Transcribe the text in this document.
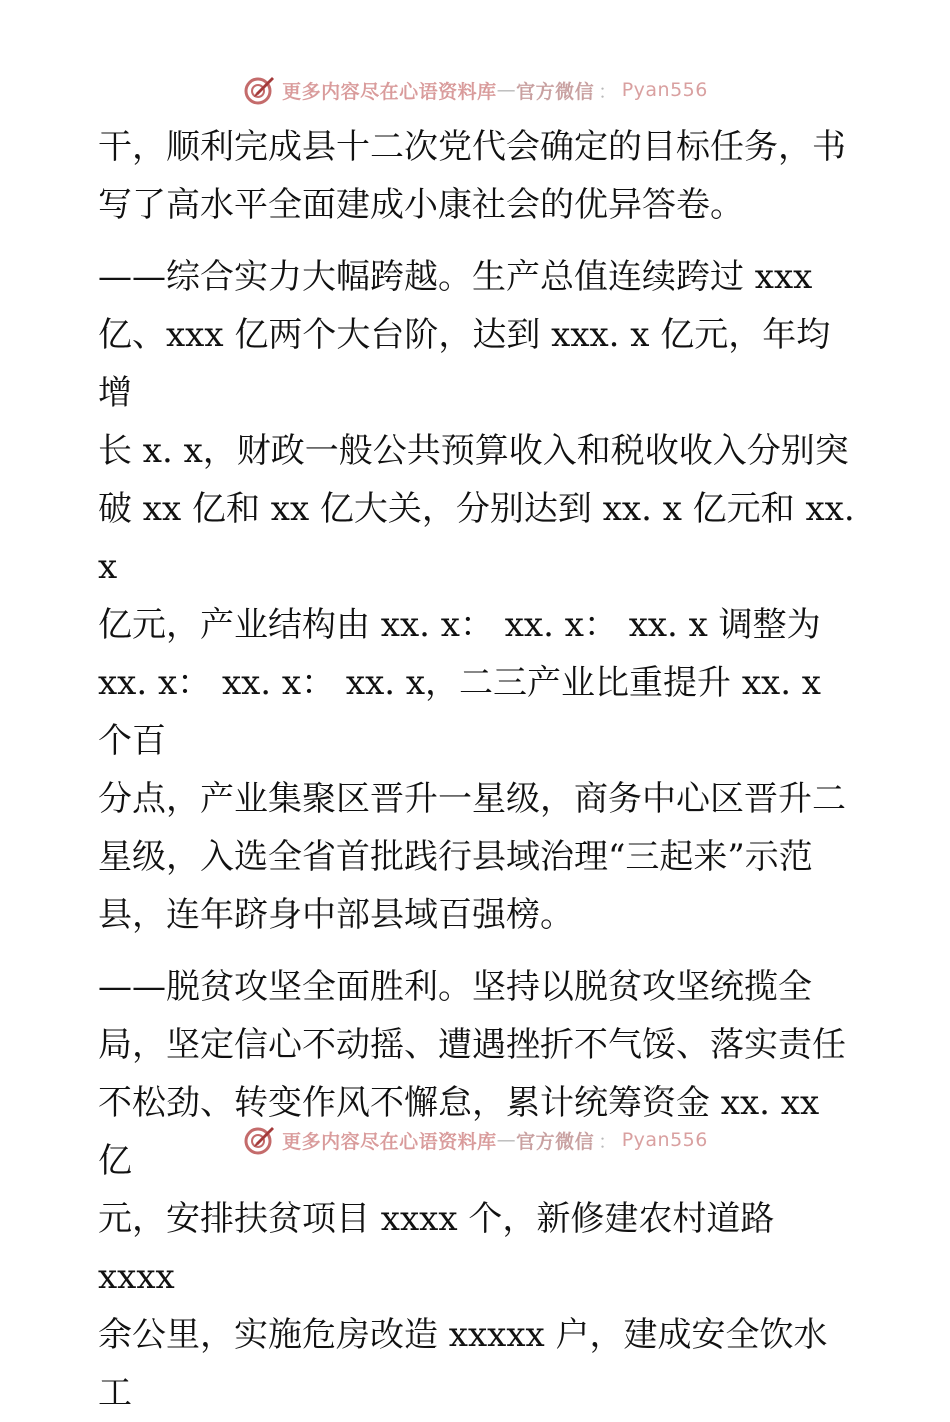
更多内容尽在心语资料库 — 官方微信 ： Pyan556

干，顺利完成县十二次党代会确定的目标任务，书
写了高水平全面建成小康社会的优异答卷。

——综合实力大幅跨越。生产总值连续跨过 xxx
亿、xxx 亿两个大台阶，达到 xxx. x 亿元，年均增
长 x. x，财政一般公共预算收入和税收收入分别突
破 xx 亿和 xx 亿大关，分别达到 xx. x 亿元和 xx. x
亿元，产业结构由 xx. x： xx. x： xx. x 调整为
xx. x： xx. x： xx. x，二三产业比重提升 xx. x 个百
分点，产业集聚区晋升一星级，商务中心区晋升二
星级，入选全省首批践行县域治理“三起来”示范
县，连年跻身中部县域百强榜。

——脱贫攻坚全面胜利。坚持以脱贫攻坚统揽全
局，坚定信心不动摇、遭遇挫折不气馁、落实责任
不松劲、转变作风不懈怠，累计统筹资金 xx. xx 亿
元，安排扶贫项目 xxxx 个，新修建农村道路 xxxx
余公里，实施危房改造 xxxxx 户，建成安全饮水工

更多内容尽在心语资料库 — 官方微信 ： Pyan556
